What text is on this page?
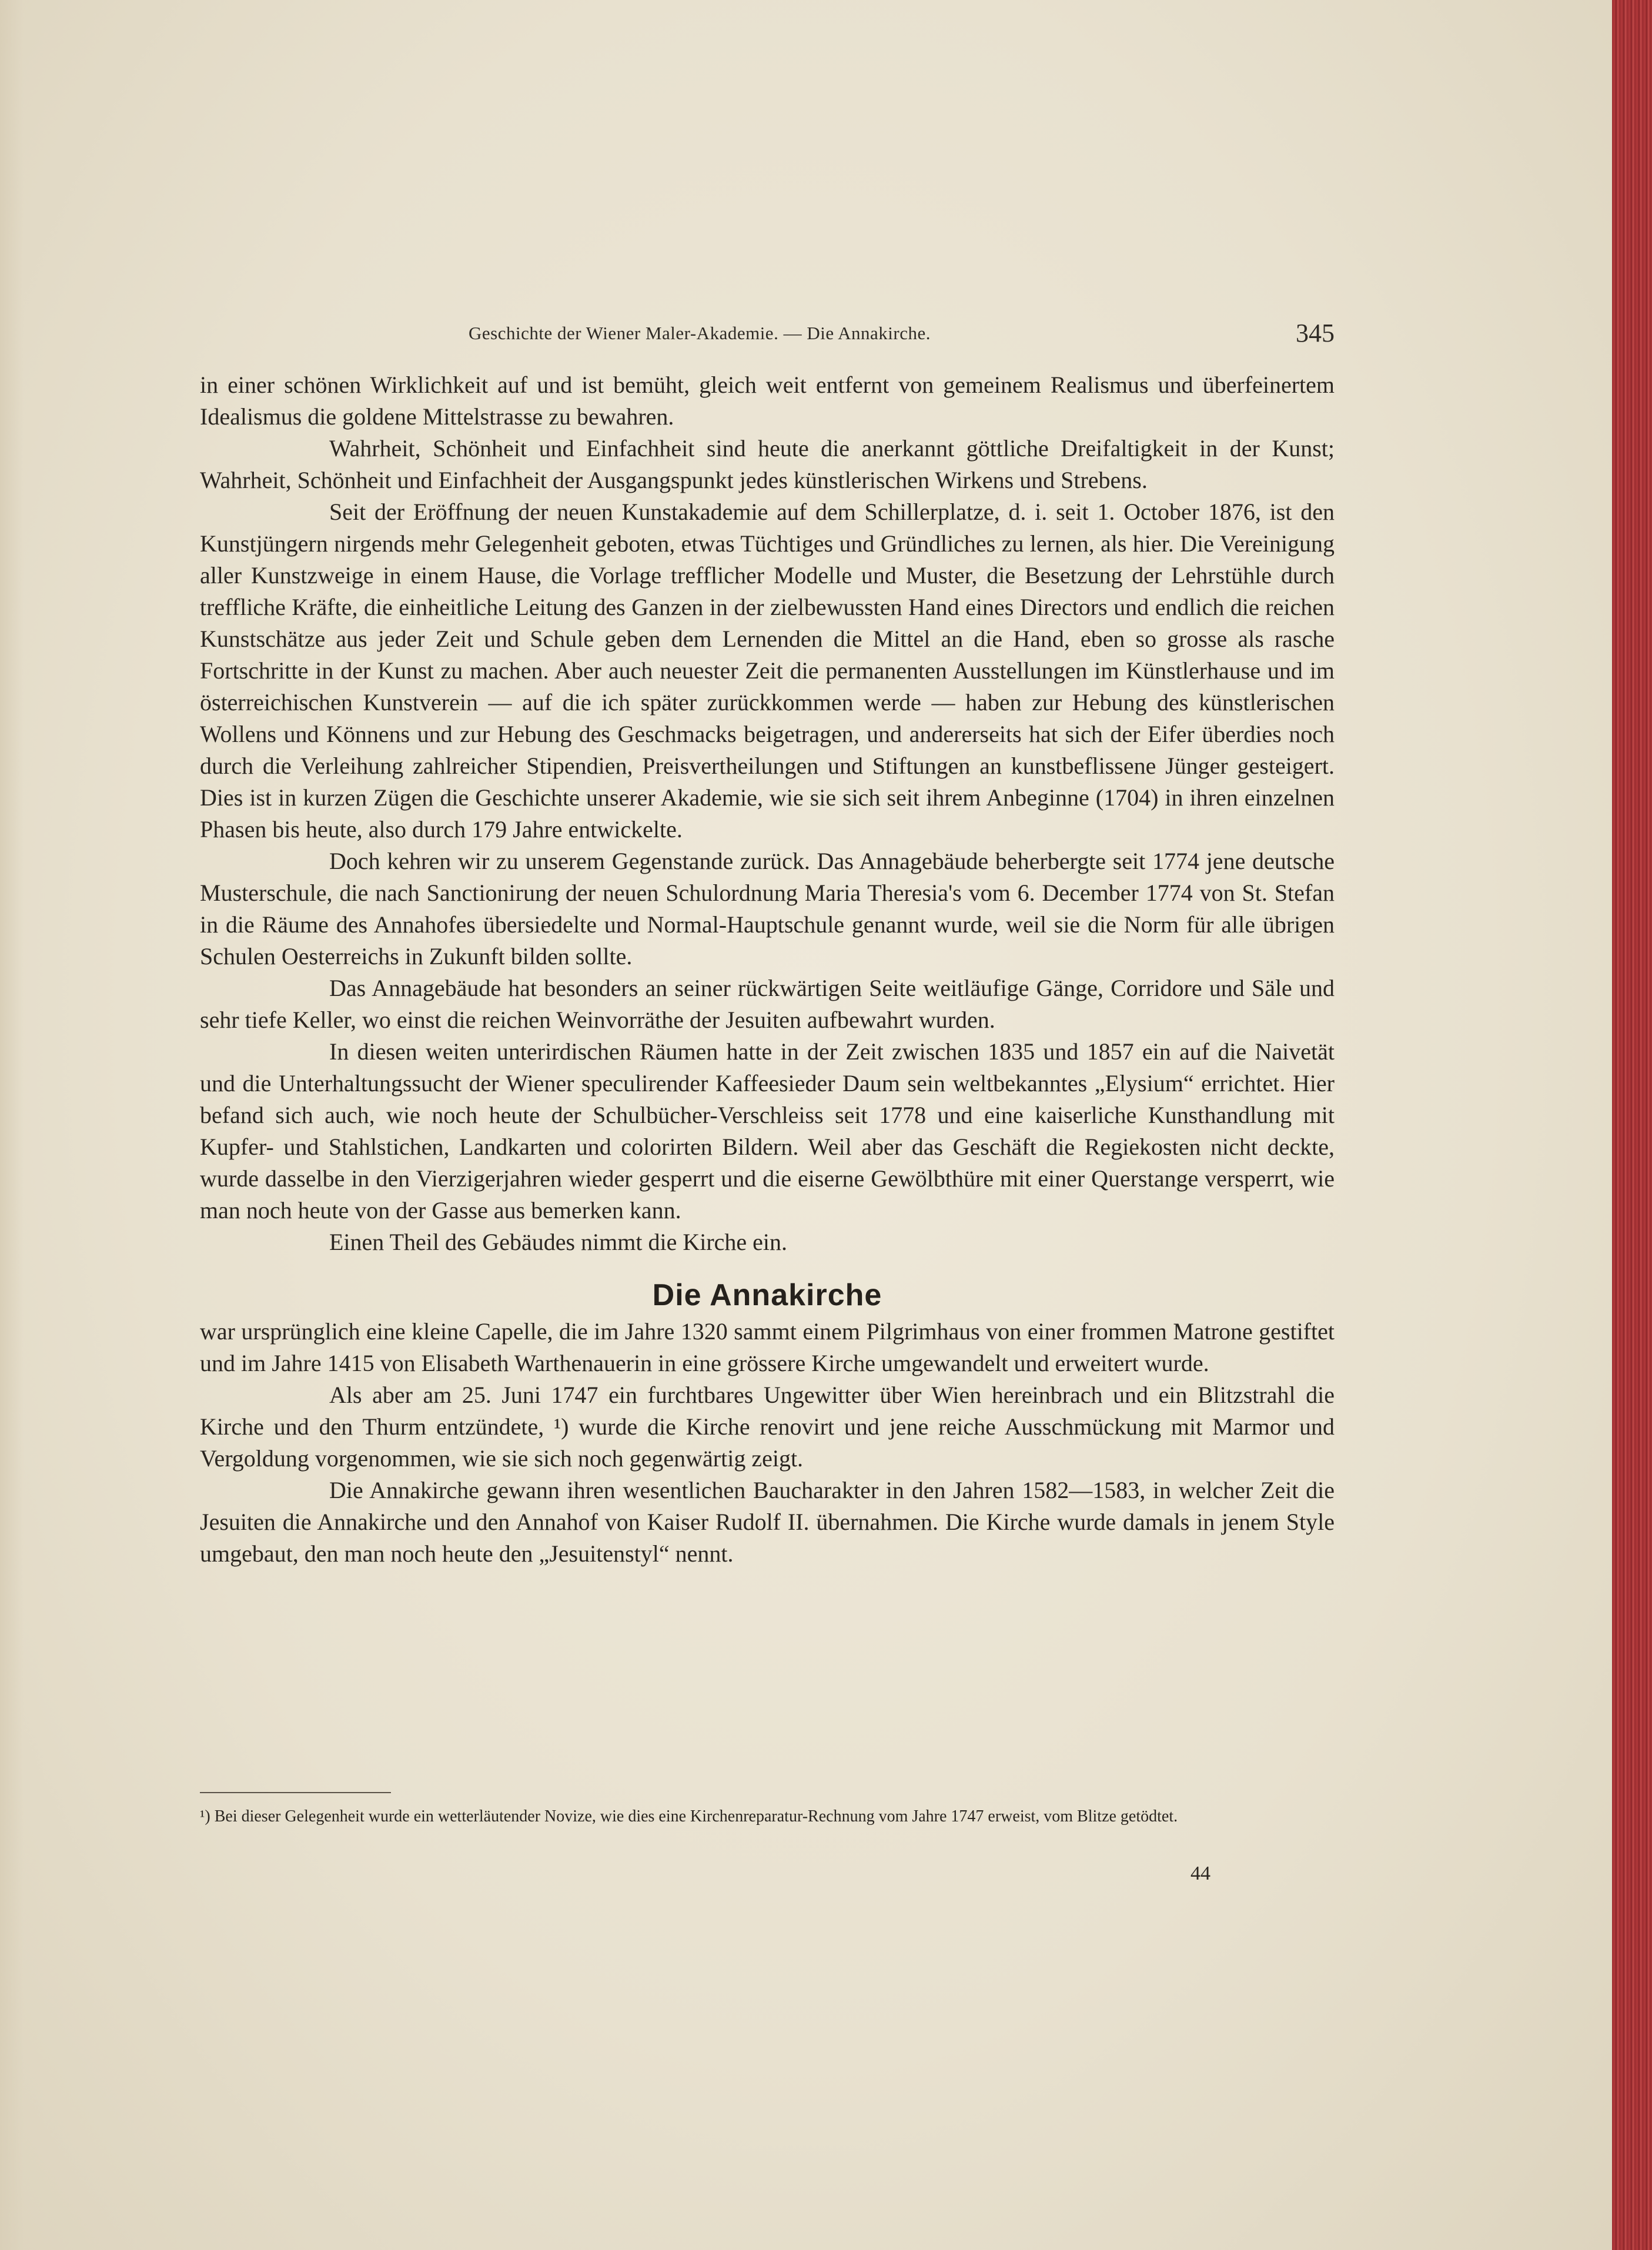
Geschichte der Wiener Maler-Akademie. — Die Annakirche.	345

in einer schönen Wirklichkeit auf und ist bemüht, gleich weit entfernt von gemeinem Realismus und überfeinertem Idealismus die goldene Mittelstrasse zu bewahren.

Wahrheit, Schönheit und Einfachheit sind heute die anerkannt göttliche Dreifaltigkeit in der Kunst; Wahrheit, Schönheit und Einfachheit der Ausgangspunkt jedes künstlerischen Wirkens und Strebens.

Seit der Eröffnung der neuen Kunstakademie auf dem Schillerplatze, d. i. seit 1. October 1876, ist den Kunstjüngern nirgends mehr Gelegenheit geboten, etwas Tüchtiges und Gründliches zu lernen, als hier. Die Vereinigung aller Kunstzweige in einem Hause, die Vorlage trefflicher Modelle und Muster, die Besetzung der Lehrstühle durch treffliche Kräfte, die einheitliche Leitung des Ganzen in der zielbewussten Hand eines Directors und endlich die reichen Kunstschätze aus jeder Zeit und Schule geben dem Lernenden die Mittel an die Hand, eben so grosse als rasche Fortschritte in der Kunst zu machen. Aber auch neuester Zeit die permanenten Ausstellungen im Künstlerhause und im österreichischen Kunstverein — auf die ich später zurückkommen werde — haben zur Hebung des künstlerischen Wollens und Könnens und zur Hebung des Geschmacks beigetragen, und andererseits hat sich der Eifer überdies noch durch die Verleihung zahlreicher Stipendien, Preisvertheilungen und Stiftungen an kunstbeflissene Jünger gesteigert. Dies ist in kurzen Zügen die Geschichte unserer Akademie, wie sie sich seit ihrem Anbeginne (1704) in ihren einzelnen Phasen bis heute, also durch 179 Jahre entwickelte.

Doch kehren wir zu unserem Gegenstande zurück. Das Annagebäude beherbergte seit 1774 jene deutsche Musterschule, die nach Sanctionirung der neuen Schulordnung Maria Theresia's vom 6. December 1774 von St. Stefan in die Räume des Annahofes übersiedelte und Normal-Hauptschule genannt wurde, weil sie die Norm für alle übrigen Schulen Oesterreichs in Zukunft bilden sollte.

Das Annagebäude hat besonders an seiner rückwärtigen Seite weitläufige Gänge, Corridore und Säle und sehr tiefe Keller, wo einst die reichen Weinvorräthe der Jesuiten aufbewahrt wurden.

In diesen weiten unterirdischen Räumen hatte in der Zeit zwischen 1835 und 1857 ein auf die Naivetät und die Unterhaltungssucht der Wiener speculirender Kaffeesieder Daum sein weltbekanntes „Elysium“ errichtet. Hier befand sich auch, wie noch heute der Schulbücher-Verschleiss seit 1778 und eine kaiserliche Kunsthandlung mit Kupfer- und Stahlstichen, Landkarten und colorirten Bildern. Weil aber das Geschäft die Regiekosten nicht deckte, wurde dasselbe in den Vierzigerjahren wieder gesperrt und die eiserne Gewölbthüre mit einer Querstange versperrt, wie man noch heute von der Gasse aus bemerken kann.

Einen Theil des Gebäudes nimmt die Kirche ein.

Die Annakirche

war ursprünglich eine kleine Capelle, die im Jahre 1320 sammt einem Pilgrimhaus von einer frommen Matrone gestiftet und im Jahre 1415 von Elisabeth Warthenauerin in eine grössere Kirche umgewandelt und erweitert wurde.

Als aber am 25. Juni 1747 ein furchtbares Ungewitter über Wien hereinbrach und ein Blitzstrahl die Kirche und den Thurm entzündete, ¹) wurde die Kirche renovirt und jene reiche Ausschmückung mit Marmor und Vergoldung vorgenommen, wie sie sich noch gegenwärtig zeigt.

Die Annakirche gewann ihren wesentlichen Baucharakter in den Jahren 1582—1583, in welcher Zeit die Jesuiten die Annakirche und den Annahof von Kaiser Rudolf II. übernahmen. Die Kirche wurde damals in jenem Style umgebaut, den man noch heute den „Jesuitenstyl“ nennt.

¹) Bei dieser Gelegenheit wurde ein wetterläutender Novize, wie dies eine Kirchenreparatur-Rechnung vom Jahre 1747 erweist, vom Blitze getödtet.
44
